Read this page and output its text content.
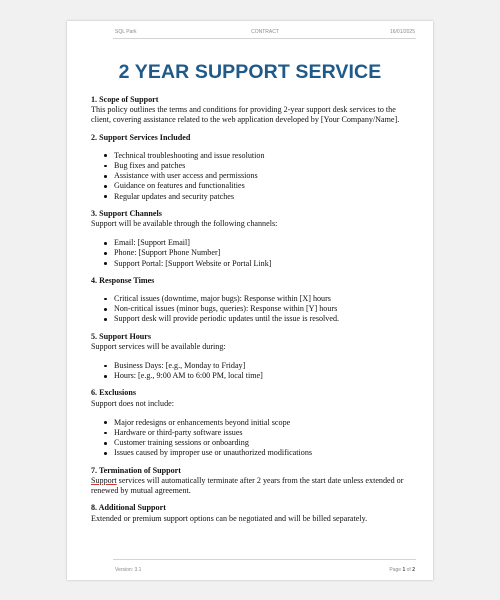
SQL Park	CONTRACT	16/01/2025
2 YEAR SUPPORT SERVICE

1. Scope of Support

This policy outlines the terms and conditions for providing 2-year support desk services to the client, covering assistance related to the web application developed by [Your Company/Name].

2. Support Services Included

Technical troubleshooting and issue resolution
Bug fixes and patches
Assistance with user access and permissions
Guidance on features and functionalities
Regular updates and security patches

3. Support Channels

Support will be available through the following channels:

Email: [Support Email]
Phone: [Support Phone Number]
Support Portal: [Support Website or Portal Link]

4. Response Times

Critical issues (downtime, major bugs): Response within [X] hours
Non-critical issues (minor bugs, queries): Response within [Y] hours
Support desk will provide periodic updates until the issue is resolved.

5. Support Hours

Support services will be available during:

Business Days: [e.g., Monday to Friday]
Hours: [e.g., 9:00 AM to 6:00 PM, local time]

6. Exclusions

Support does not include:

Major redesigns or enhancements beyond initial scope
Hardware or third-party software issues
Customer training sessions or onboarding
Issues caused by improper use or unauthorized modifications

7. Termination of Support

Support services will automatically terminate after 2 years from the start date unless extended or renewed by mutual agreement.

8. Additional Support

Extended or premium support options can be negotiated and will be billed separately.

Version: 3.1	Page 1 of 2
